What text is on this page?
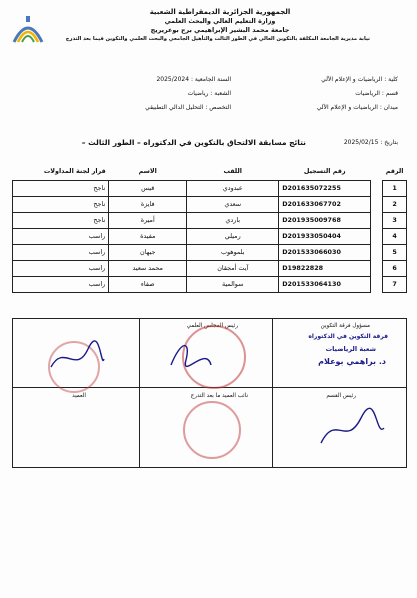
الجمهورية الجزائرية الديمقراطية الشعبية
وزارة التعليم العالي والبحث العلمي
جامعة محمد البشير الإبراهيمي برج بوعريريج
نيابة مديرية الجامعة المكلفة بالتكوين العالي في الطور الثالث والتأهيل الجامعي والبحث العلمي والتكوين فيما بعد التدرج
كلية : الرياضيات و الإعلام الآلي
قسم : الرياضيات
ميدان : الرياضيات و الإعلام الآلي
السنة الجامعية : 2025/2024
الشعبة : رياضيات
التخصص : التحليل الدالي التطبيقي
بتاريخ : 2025/02/15
نتائج مسابقة الالتحاق بالتكوين في الدكتوراه – الطور الثالث –
الرقم		رقم التسجيل	اللقب	الاسم	قرار لجنة المداولات
1		D201635072255	عبدودي	قيس	ناجح
2		D201633067702	سعدي	فايزة	ناجح
3		D201935009768	باردي	أميرة	ناجح
4		D201933050404	رميلي	مفيدة	راسب
5		D201533066030	بلموهوب	جيهان	راسب
6		D19822828	آيت أمجقان	محمد سعيد	راسب
7		D201533064130	سوالمية	صفاء	راسب
مسؤول فرقة التكوين
رئيس المجلس العلمي
رئيس القسم
نائب العميد ما بعد التدرج
العميد
فرقة التكوين في الدكتوراه
شعبة الرياضيات
د. براهمي بوعلام
